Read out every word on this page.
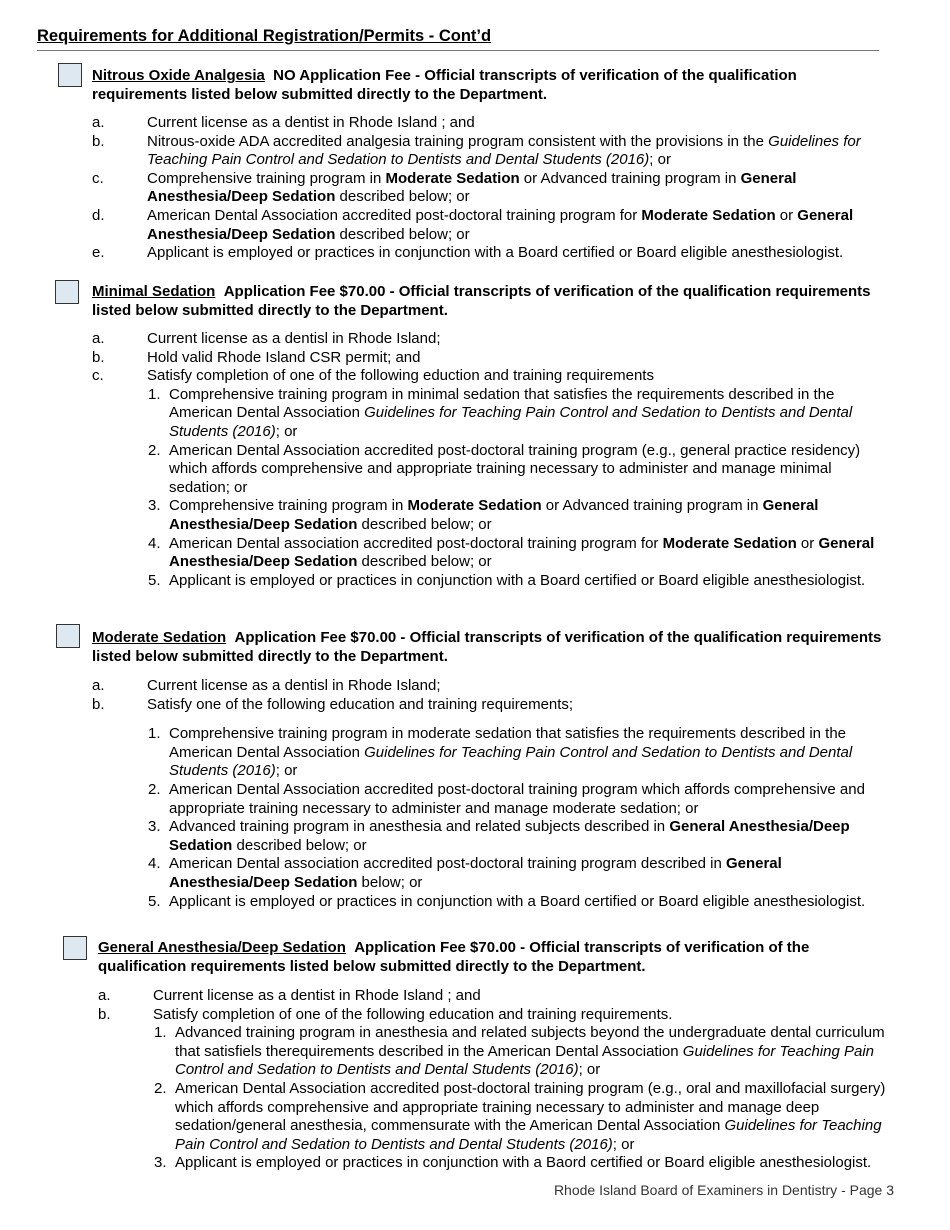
Requirements for Additional Registration/Permits - Cont’d
Nitrous Oxide Analgesia NO Application Fee - Official transcripts of verification of the qualification requirements listed below submitted directly to the Department.
a.	Current license as a dentist in Rhode Island ; and
b.	Nitrous-oxide ADA accredited analgesia training program consistent with the provisions in the Guidelines for Teaching Pain Control and Sedation to Dentists and Dental Students (2016); or
c.	Comprehensive training program in Moderate Sedation or Advanced training program in General Anesthesia/Deep Sedation described below; or
d.	American Dental Association accredited post-doctoral training program for Moderate Sedation or General Anesthesia/Deep Sedation described below; or
e.	Applicant is employed or practices in conjunction with a Board certified or Board eligible anesthesiologist.
Minimal Sedation Application Fee $70.00 - Official transcripts of verification of the qualification requirements listed below submitted directly to the Department.
a.	Current license as a dentisl in Rhode Island;
b.	Hold valid Rhode Island CSR permit; and
c.	Satisfy completion of one of the following eduction and training requirements
1. Comprehensive training program in minimal sedation that satisfies the requirements described in the American Dental Association Guidelines for Teaching Pain Control and Sedation to Dentists and Dental Students (2016); or
2. American Dental Association accredited post-doctoral training program (e.g., general practice residency) which affords comprehensive and appropriate training necessary to administer and manage minimal sedation; or
3. Comprehensive training program in Moderate Sedation or Advanced training program in General Anesthesia/Deep Sedation described below; or
4. American Dental association accredited post-doctoral training program for Moderate Sedation or General Anesthesia/Deep Sedation described below; or
5. Applicant is employed or practices in conjunction with a Board certified or Board eligible anesthesiologist.
Moderate Sedation Application Fee $70.00 - Official transcripts of verification of the qualification requirements listed below submitted directly to the Department.
a.	Current license as a dentisl in Rhode Island;
b.	Satisfy one of the following education and training requirements;
1. Comprehensive training program in moderate sedation that satisfies the requirements described in the American Dental Association Guidelines for Teaching Pain Control and Sedation to Dentists and Dental Students (2016); or
2. American Dental Association accredited post-doctoral training program which affords comprehensive and appropriate training necessary to administer and manage moderate sedation; or
3. Advanced training program in anesthesia and related subjects described in General Anesthesia/Deep Sedation described below; or
4. American Dental association accredited post-doctoral training program described in General Anesthesia/Deep Sedation below; or
5. Applicant is employed or practices in conjunction with a Board certified or Board eligible anesthesiologist.
General Anesthesia/Deep Sedation Application Fee $70.00 - Official transcripts of verification of the qualification requirements listed below submitted directly to the Department.
a.	Current license as a dentist in Rhode Island ; and
b.	Satisfy completion of one of the following education and training requirements.
1. Advanced training program in anesthesia and related subjects beyond the undergraduate dental curriculum that satisfiels therequirements described in the American Dental Association Guidelines for Teaching Pain Control and Sedation to Dentists and Dental Students (2016); or
2. American Dental Association accredited post-doctoral training program (e.g., oral and maxillofacial surgery) which affords comprehensive and appropriate training necessary to administer and manage deep sedation/general anesthesia, commensurate with the American Dental Association Guidelines for Teaching Pain Control and Sedation to Dentists and Dental Students (2016); or
3. Applicant is employed or practices in conjunction with a Baord certified or Board eligible anesthesiologist.
Rhode Island Board of Examiners in Dentistry - Page 3
